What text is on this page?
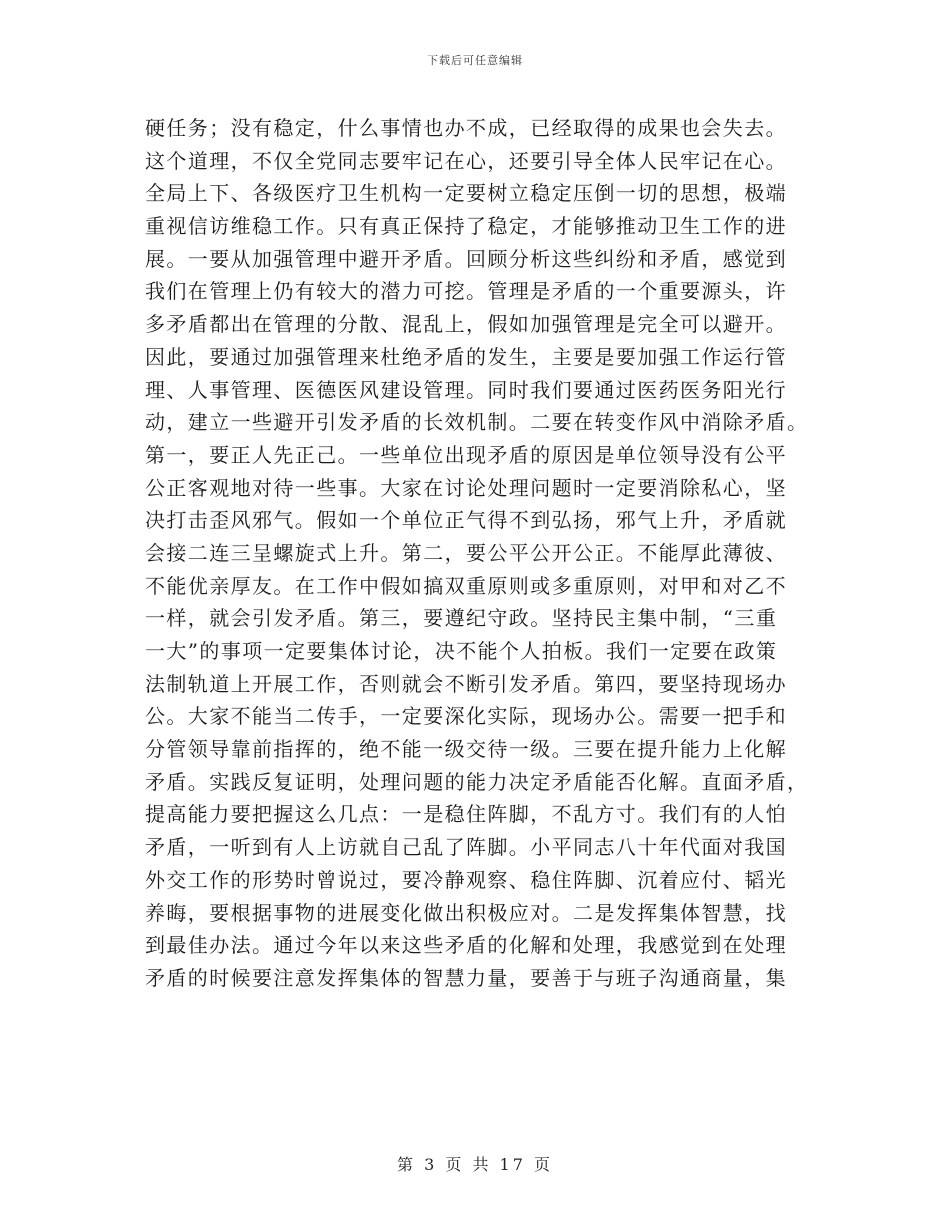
下载后可任意编辑
硬任务；没有稳定，什么事情也办不成，已经取得的成果也会失去。
这个道理，不仅全党同志要牢记在心，还要引导全体人民牢记在心。
全局上下、各级医疗卫生机构一定要树立稳定压倒一切的思想，极端
重视信访维稳工作。只有真正保持了稳定，才能够推动卫生工作的进
展。一要从加强管理中避开矛盾。回顾分析这些纠纷和矛盾，感觉到
我们在管理上仍有较大的潜力可挖。管理是矛盾的一个重要源头，许
多矛盾都出在管理的分散、混乱上，假如加强管理是完全可以避开。
因此，要通过加强管理来杜绝矛盾的发生，主要是要加强工作运行管
理、人事管理、医德医风建设管理。同时我们要通过医药医务阳光行
动，建立一些避开引发矛盾的长效机制。二要在转变作风中消除矛盾。
第一，要正人先正己。一些单位出现矛盾的原因是单位领导没有公平
公正客观地对待一些事。大家在讨论处理问题时一定要消除私心，坚
决打击歪风邪气。假如一个单位正气得不到弘扬，邪气上升，矛盾就
会接二连三呈螺旋式上升。第二，要公平公开公正。不能厚此薄彼、
不能优亲厚友。在工作中假如搞双重原则或多重原则，对甲和对乙不
一样，就会引发矛盾。第三，要遵纪守政。坚持民主集中制，“三重
一大”的事项一定要集体讨论，决不能个人拍板。我们一定要在政策
法制轨道上开展工作，否则就会不断引发矛盾。第四，要坚持现场办
公。大家不能当二传手，一定要深化实际，现场办公。需要一把手和
分管领导靠前指挥的，绝不能一级交待一级。三要在提升能力上化解
矛盾。实践反复证明，处理问题的能力决定矛盾能否化解。直面矛盾，
提高能力要把握这么几点：一是稳住阵脚，不乱方寸。我们有的人怕
矛盾，一听到有人上访就自己乱了阵脚。小平同志八十年代面对我国
外交工作的形势时曾说过，要冷静观察、稳住阵脚、沉着应付、韬光
养晦，要根据事物的进展变化做出积极应对。二是发挥集体智慧，找
到最佳办法。通过今年以来这些矛盾的化解和处理，我感觉到在处理
矛盾的时候要注意发挥集体的智慧力量，要善于与班子沟通商量，集
第 3 页 共 17 页
